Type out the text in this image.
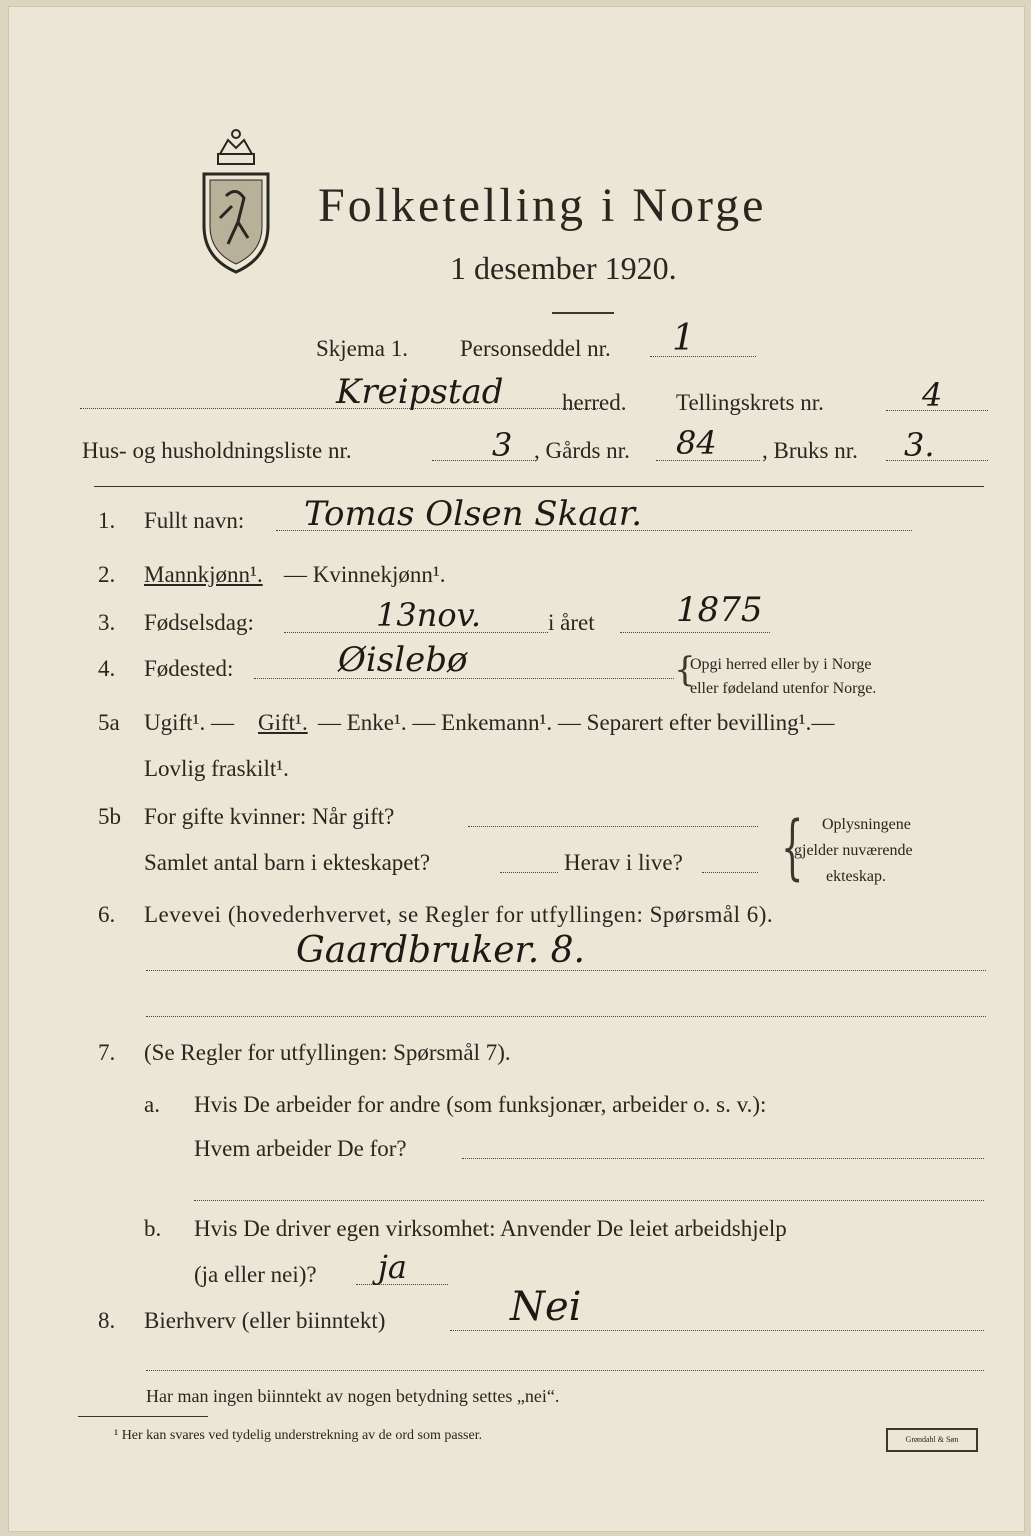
Folketelling i Norge
1 desember 1920.
Skjema 1. Personseddel nr. 1
Kreipstad	herred. Tellingskrets nr.	4
Hus- og husholdningsliste nr.	3 , Gårds nr. 84 , Bruks nr. 3.
1. Fullt navn: Tomas Olsen Skaar.
2. Mannkjønn¹. — Kvinnekjønn¹.
3. Fødselsdag:	13nov.	i året 1875
4. Fødested:	Øislebø	{
Opgi herred eller by i Norge
eller fødeland utenfor Norge.
5a Ugift¹. — Gift¹. — Enke¹. — Enkemann¹. — Separert efter bevilling¹.—
Lovlig fraskilt¹.
5b For gifte kvinner: Når gift?
Samlet antal barn i ekteskapet?	Herav i live? { Oplysningene
gjelder nuværende
ekteskap.
6. Levevei (hovederhvervet, se Regler for utfyllingen: Spørsmål 6).
Gaardbruker. 8.
7. (Se Regler for utfyllingen: Spørsmål 7).
a. Hvis De arbeider for andre (som funksjonær, arbeider o. s. v.):
Hvem arbeider De for?
b. Hvis De driver egen virksomhet: Anvender De leiet arbeidshjelp
(ja eller nei)? ja
8. Bierhverv (eller biinntekt)	Nei
Har man ingen biinntekt av nogen betydning settes „nei“.
¹ Her kan svares ved tydelig understrekning av de ord som passer.	Grøndahl & Søn
